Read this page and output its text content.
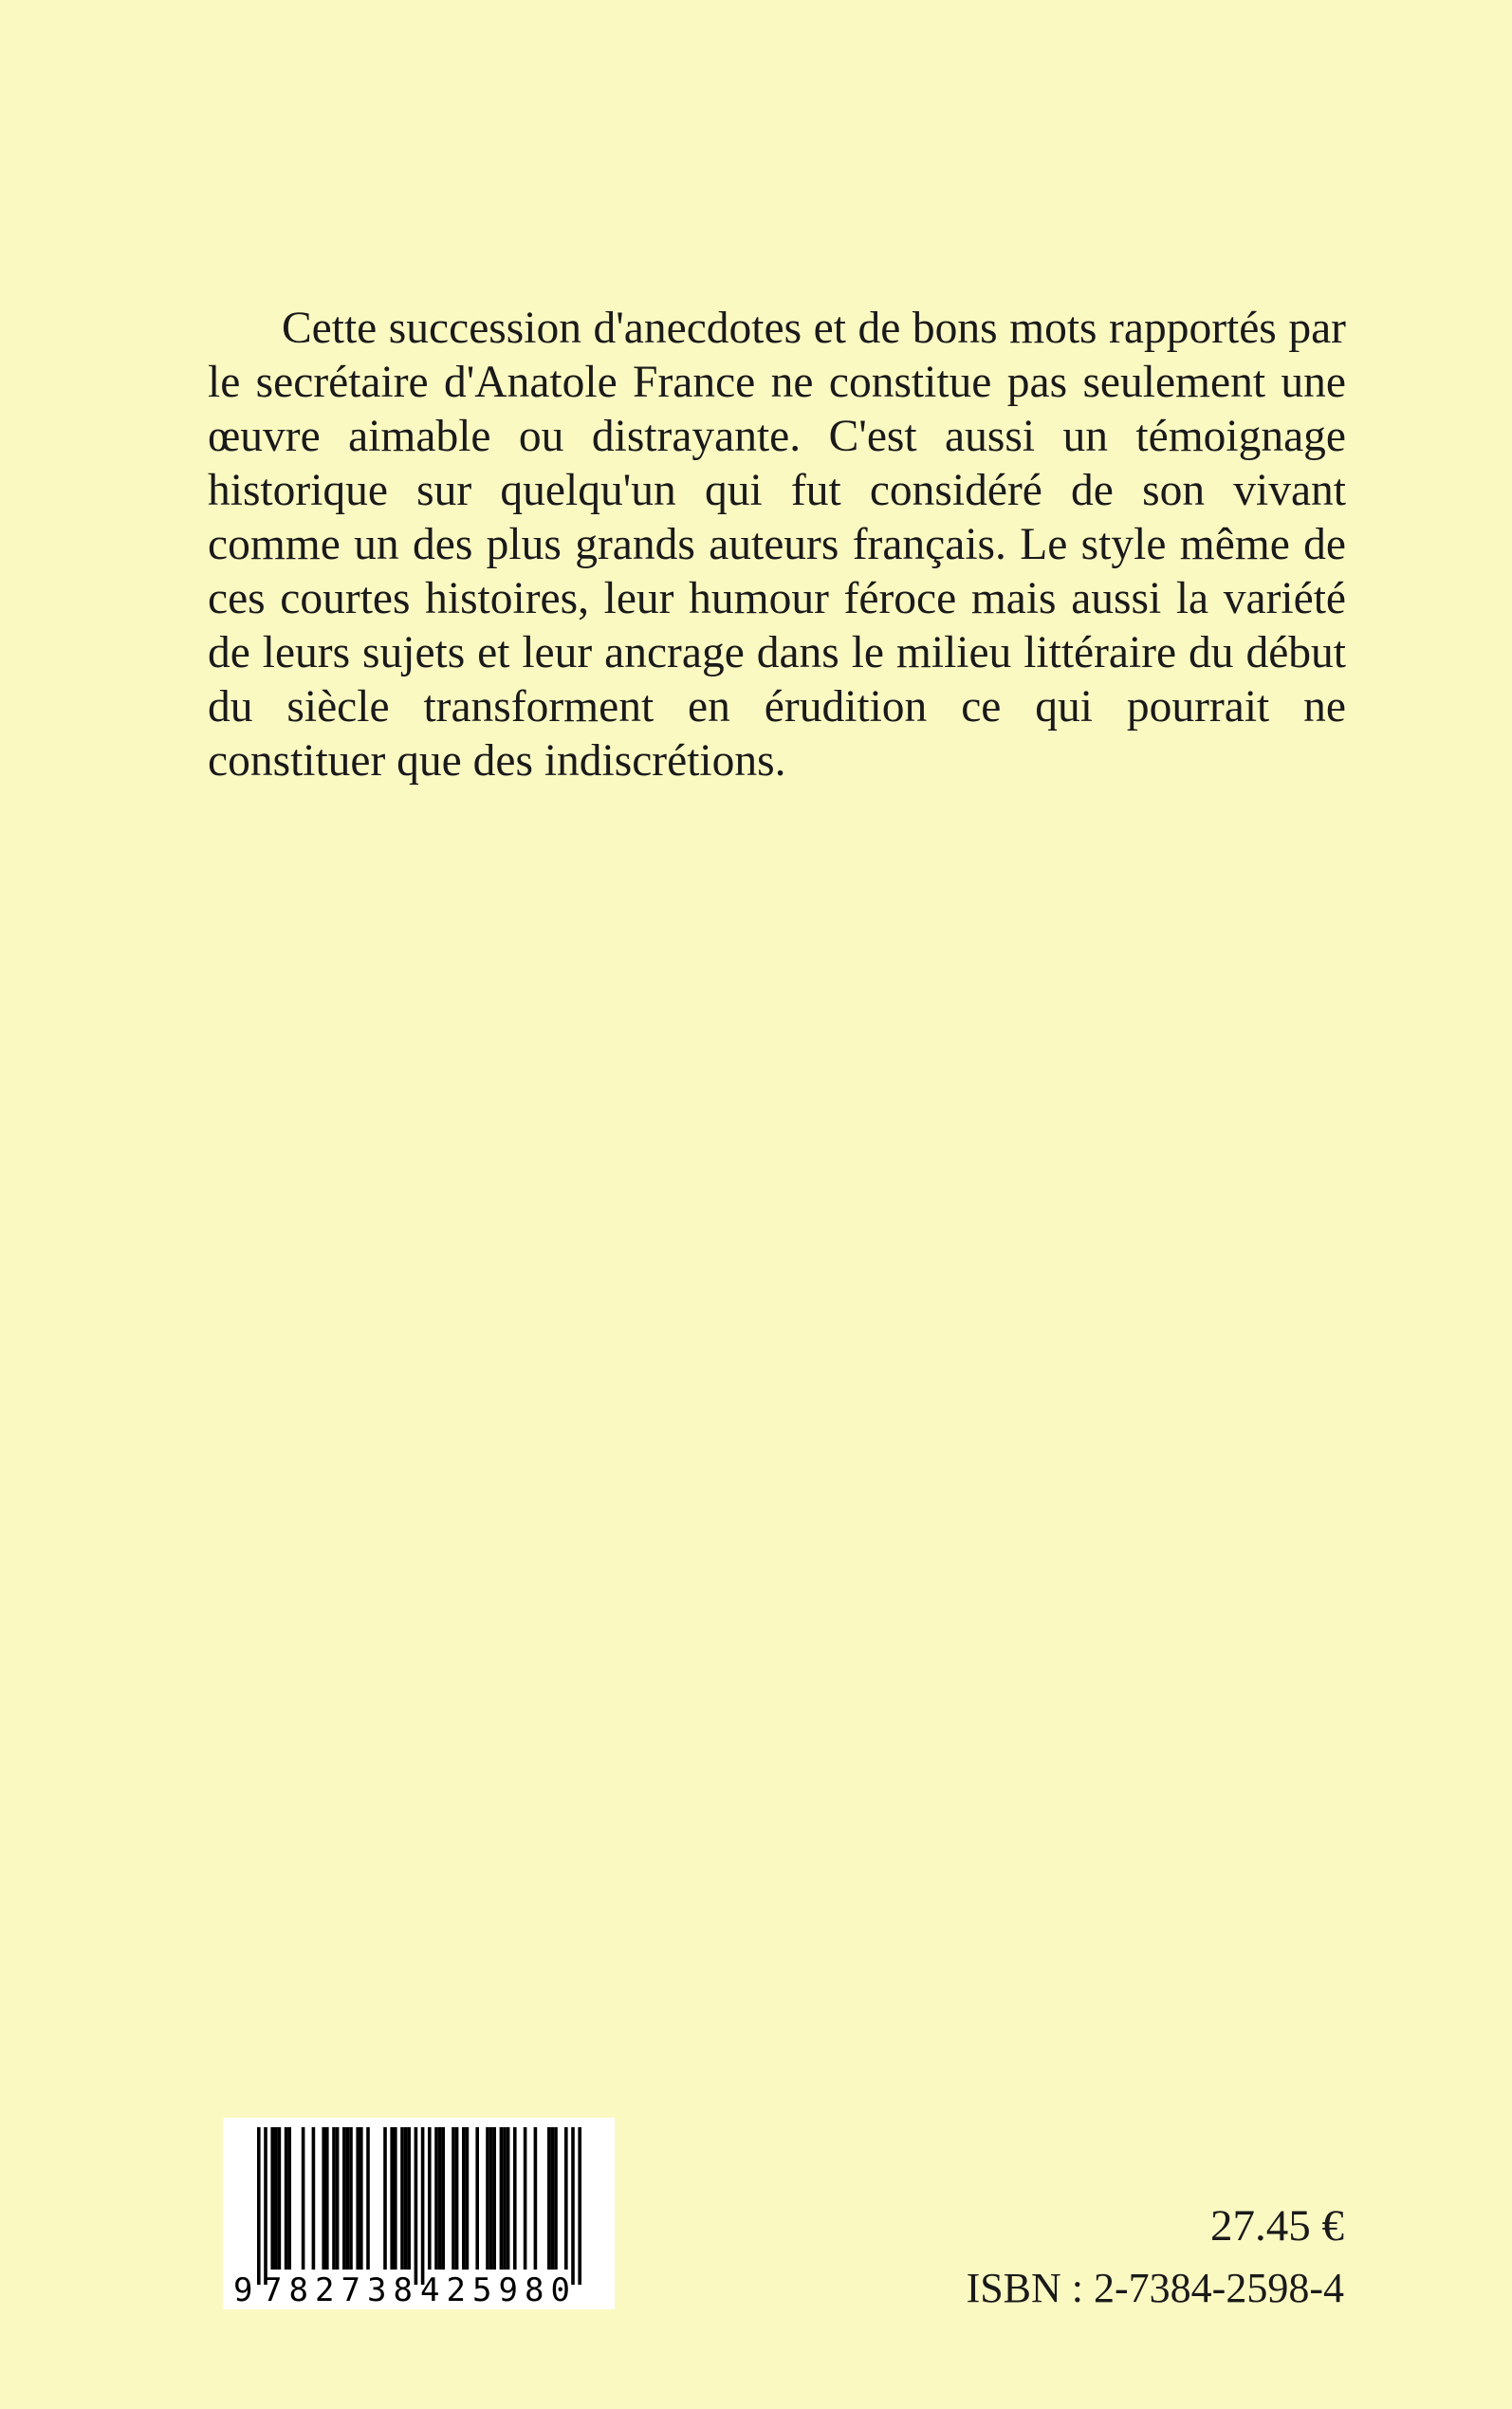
Cette succession d'anecdotes et de bons mots rapportés par le secrétaire d'Anatole France ne constitue pas seulement une œuvre aimable ou distrayante. C'est aussi un témoignage historique sur quelqu'un qui fut considéré de son vivant comme un des plus grands auteurs français. Le style même de ces courtes histoires, leur humour féroce mais aussi la variété de leurs sujets et leur ancrage dans le milieu littéraire du début du siècle transforment en érudition ce qui pourrait ne constituer que des indiscrétions.

9 782738 425980

27.45 €

ISBN : 2-7384-2598-4
